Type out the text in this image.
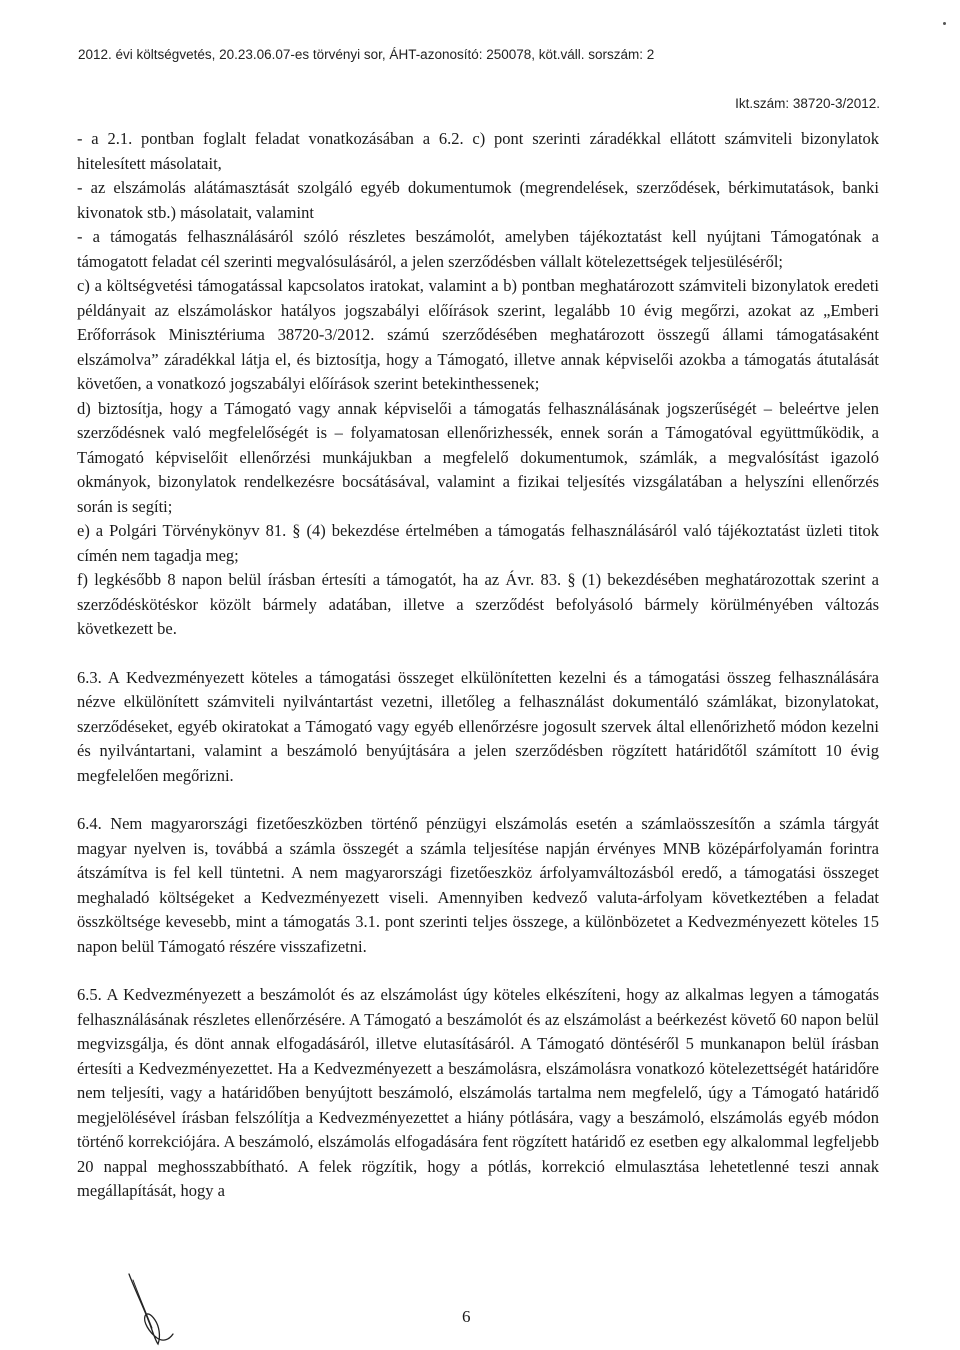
2012. évi költségvetés, 20.23.06.07-es törvényi sor, ÁHT-azonosító: 250078, köt.váll. sorszám: 2
Ikt.szám: 38720-3/2012.

- a 2.1. pontban foglalt feladat vonatkozásában a 6.2. c) pont szerinti záradékkal ellátott számviteli bizonylatok hitelesített másolatait,

- az elszámolás alátámasztását szolgáló egyéb dokumentumok (megrendelések, szerződések, bérkimutatások, banki kivonatok stb.) másolatait, valamint

- a támogatás felhasználásáról szóló részletes beszámolót, amelyben tájékoztatást kell nyújtani Támogatónak a támogatott feladat cél szerinti megvalósulásáról, a jelen szerződésben vállalt kötelezettségek teljesüléséről;

c) a költségvetési támogatással kapcsolatos iratokat, valamint a b) pontban meghatározott számviteli bizonylatok eredeti példányait az elszámoláskor hatályos jogszabályi előírások szerint, legalább 10 évig megőrzi, azokat az „Emberi Erőforrások Minisztériuma 38720-3/2012. számú szerződésében meghatározott összegű állami támogatásaként elszámolva” záradékkal látja el, és biztosítja, hogy a Támogató, illetve annak képviselői azokba a támogatás átutalását követően, a vonatkozó jogszabályi előírások szerint betekinthessenek;

d) biztosítja, hogy a Támogató vagy annak képviselői a támogatás felhasználásának jogszerűségét – beleértve jelen szerződésnek való megfelelőségét is – folyamatosan ellenőrizhessék, ennek során a Támogatóval együttműködik, a Támogató képviselőit ellenőrzési munkájukban a megfelelő dokumentumok, számlák, a megvalósítást igazoló okmányok, bizonylatok rendelkezésre bocsátásával, valamint a fizikai teljesítés vizsgálatában a helyszíni ellenőrzés során is segíti;

e) a Polgári Törvénykönyv 81. § (4) bekezdése értelmében a támogatás felhasználásáról való tájékoztatást üzleti titok címén nem tagadja meg;

f) legkésőbb 8 napon belül írásban értesíti a támogatót, ha az Ávr. 83. § (1) bekezdésében meghatározottak szerint a szerződéskötéskor közölt bármely adatában, illetve a szerződést befolyásoló bármely körülményében változás következett be.

6.3. A Kedvezményezett köteles a támogatási összeget elkülönítetten kezelni és a támogatási összeg felhasználására nézve elkülönített számviteli nyilvántartást vezetni, illetőleg a felhasználást dokumentáló számlákat, bizonylatokat, szerződéseket, egyéb okiratokat a Támogató vagy egyéb ellenőrzésre jogosult szervek által ellenőrizhető módon kezelni és nyilvántartani, valamint a beszámoló benyújtására a jelen szerződésben rögzített határidőtől számított 10 évig megfelelően megőrizni.

6.4. Nem magyarországi fizetőeszközben történő pénzügyi elszámolás esetén a számlaösszesítőn a számla tárgyát magyar nyelven is, továbbá a számla összegét a számla teljesítése napján érvényes MNB középárfolyamán forintra átszámítva is fel kell tüntetni. A nem magyarországi fizetőeszköz árfolyamváltozásból eredő, a támogatási összeget meghaladó költségeket a Kedvezményezett viseli. Amennyiben kedvező valuta-árfolyam következtében a feladat összköltsége kevesebb, mint a támogatás 3.1. pont szerinti teljes összege, a különbözetet a Kedvezményezett köteles 15 napon belül Támogató részére visszafizetni.

6.5. A Kedvezményezett a beszámolót és az elszámolást úgy köteles elkészíteni, hogy az alkalmas legyen a támogatás felhasználásának részletes ellenőrzésére. A Támogató a beszámolót és az elszámolást a beérkezést követő 60 napon belül megvizsgálja, és dönt annak elfogadásáról, illetve elutasításáról. A Támogató döntéséről 5 munkanapon belül írásban értesíti a Kedvezményezettet. Ha a Kedvezményezett a beszámolásra, elszámolásra vonatkozó kötelezettségét határidőre nem teljesíti, vagy a határidőben benyújtott beszámoló, elszámolás tartalma nem megfelelő, úgy a Támogató határidő megjelölésével írásban felszólítja a Kedvezményezettet a hiány pótlására, vagy a beszámoló, elszámolás egyéb módon történő korrekciójára. A beszámoló, elszámolás elfogadására fent rögzített határidő ez esetben egy alkalommal legfeljebb 20 nappal meghosszabbítható. A felek rögzítik, hogy a pótlás, korrekció elmulasztása lehetetlenné teszi annak megállapítását, hogy a

6
